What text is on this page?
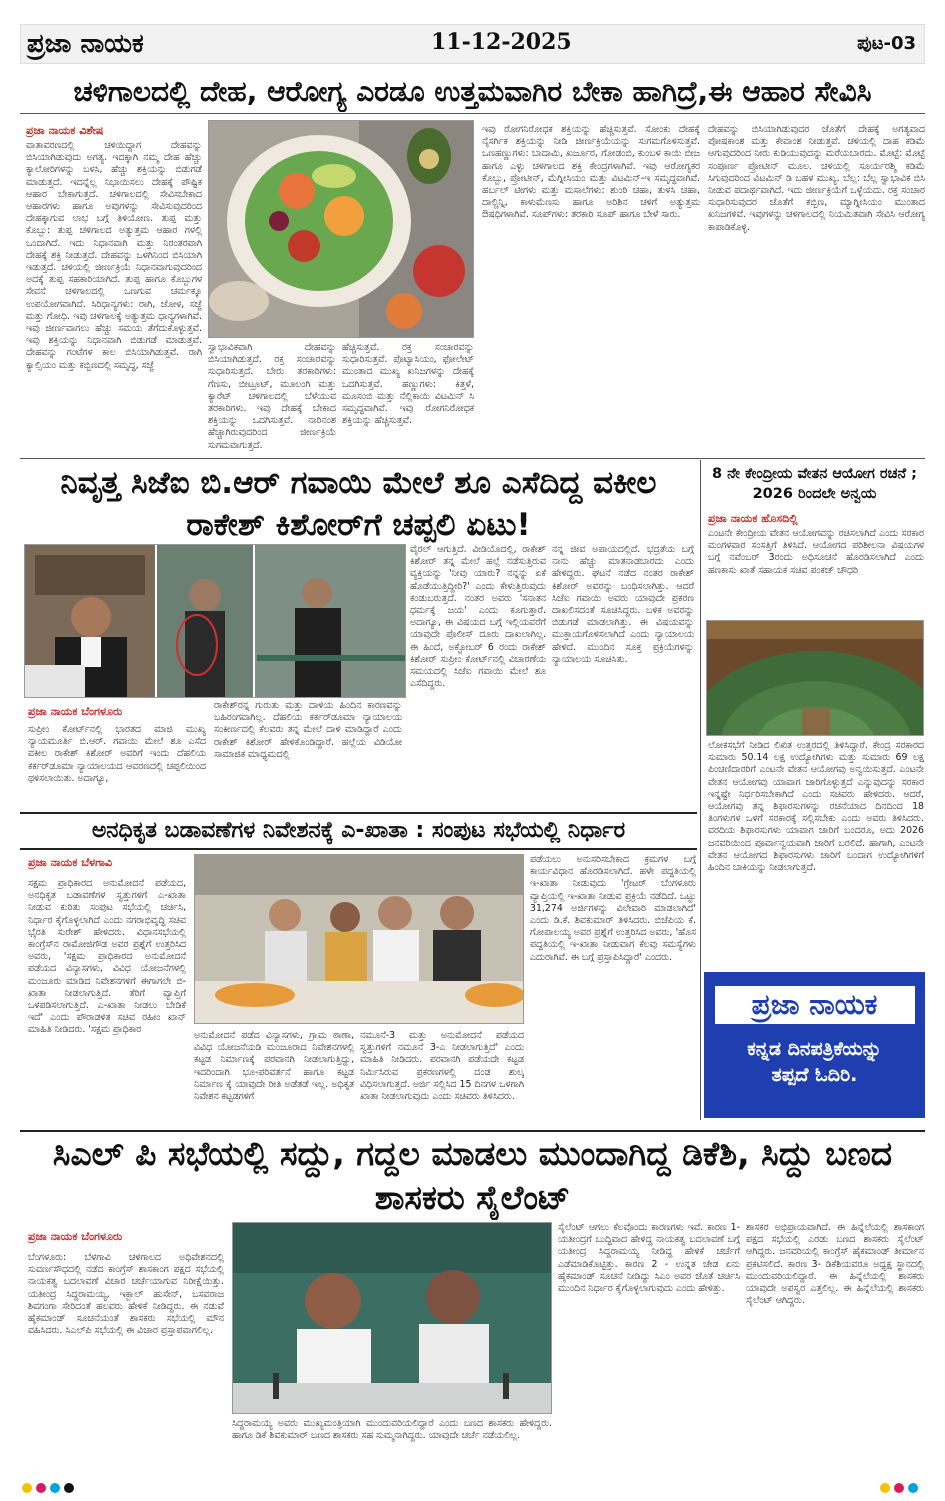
ಪ್ರಜಾ ನಾಯಕ	11-12-2025	ಪುಟ-03
ಚಳಿಗಾಲದಲ್ಲಿ ದೇಹ, ಆರೋಗ್ಯ ಎರಡೂ ಉತ್ತಮವಾಗಿರ ಬೇಕಾ ಹಾಗಿದ್ರೆ,ಈ ಆಹಾರ ಸೇವಿಸಿ
ಪ್ರಜಾ ನಾಯಕ ವಿಶೇಷ
ವಾತಾವರಣದಲ್ಲಿ ಚಳಿಯಿದ್ದಾಗ ದೇಹವನ್ನು ಬಿಸಿಯಾಗಿಡುವುದು ಅಗತ್ಯ. ಇದಕ್ಕಾಗಿ ನಮ್ಮ ದೇಹ ಹೆಚ್ಚು ಕ್ಯಾಲೋರಿಗಳನ್ನು ಬಳಸಿ, ಹೆಚ್ಚು ಶಕ್ತಿಯನ್ನು ಬಿಡುಗಡೆ ಮಾಡುತ್ತದೆ. ಇದನ್ನೆಲ್ಲ ನಿಭಾಯಿಸಲು ದೇಹಕ್ಕೆ ಪೌಷ್ಟಿಕ ಆಹಾರ ಬೇಕಾಗುತ್ತದೆ. ಚಳಿಗಾಲದಲ್ಲಿ ಸೇವಿಸಬೇಕಾದ ಆಹಾರಗಳು ಹಾಗೂ ಅವುಗಳನ್ನು ಸೇವಿಸುವುದರಿಂದ ದೇಹಕ್ಕಾಗುವ ಲಾಭ ಬಗ್ಗೆ ತಿಳಿಯೋಣ. ತುಪ್ಪ ಮತ್ತು ಕೊಬ್ಬು: ತುಪ್ಪ ಚಳಿಗಾಲದ ಅತ್ಯುತ್ತಮ ಆಹಾರ ಗಳಲ್ಲಿ ಒಂದಾಗಿದೆ. ಇದು ನಿಧಾನವಾಗಿ ಮತ್ತು ನಿರಂತರವಾಗಿ ದೇಹಕ್ಕೆ ಶಕ್ತಿ ನೀಡುತ್ತದೆ. ದೇಹವನ್ನು ಒಳಗಿನಿಂದ ಬಿಸಿಯಾಗಿ ಇಡುತ್ತದೆ. ಚಳಿಯಲ್ಲಿ ಜೀರ್ಣಕ್ರಿಯೆ ನಿಧಾನವಾಗುವುದರಿಂದ ಅದಕ್ಕೆ ತುಪ್ಪ ಸಹಕಾರಿಯಾಗಿದೆ. ತುಪ್ಪ ಹಾಗೂ ಕೊಬ್ಬುಗಳ ಸೇವನೆ ಚಳಿಗಾಲದಲ್ಲಿ ಒಣಗುವ ಚರ್ಮಕ್ಕೂ ಉಪಯೋಗವಾಗಿದೆ. ಸಿರಿಧಾನ್ಯಗಳು: ರಾಗಿ, ಜೋಳ, ಸಜ್ಜೆ ಮತ್ತು ಗೋಧಿ. ಇವು ಚಳಿಗಾಲಕ್ಕೆ ಅತ್ಯುತ್ತಮ ಧಾನ್ಯಗಳಾಗಿವೆ. ಇವು ಜೀರ್ಣವಾಗಲು ಹೆಚ್ಚು ಸಮಯ ತೆಗೆದುಕೊಳ್ಳುತ್ತವೆ. ಇವು ಶಕ್ತಿಯನ್ನು ನಿಧಾನವಾಗಿ ಬಿಡುಗಡೆ ಮಾಡುತ್ತವೆ. ದೇಹವನ್ನು ಗಂಟೆಗಳ ಕಾಲ ಬಿಸಿಯಾಗಿಡುತ್ತವೆ. ರಾಗಿ ಕ್ಯಾಲ್ಸಿಯಂ ಮತ್ತು ಕಬ್ಬಿಣದಲ್ಲಿ ಸಮೃದ್ಧ, ಸಜ್ಜೆ
ಸ್ವಾಭಾವಿಕವಾಗಿ ದೇಹವನ್ನು ಬಿಸಿಯಾಗಿಡುತ್ತದೆ. ರಕ್ತ ಸಂಚಾರವನ್ನು ಸುಧಾರಿಸುತ್ತದೆ. ಬೇರು ತರಕಾರಿಗಳು: ಗೆಣಸು, ಬೀಟ್ರೂಟ್, ಮೂಲಂಗಿ ಮತ್ತು ಕ್ಯಾರೆಟ್ ಚಳಿಗಾಲದಲ್ಲಿ ಬೆಳೆಯುವ ತರಕಾರಿಗಳು. ಇವು ದೇಹಕ್ಕೆ ಬೇಕಾದ ಶಕ್ತಿಯನ್ನು ಒದಗಿಸುತ್ತವೆ. ನಾರಿನಂಶ ಹೆಚ್ಚಾಗಿರುವುದರಿಂದ ಜೀರ್ಣಕ್ರಿಯೆ ಸುಗಮವಾಗುತ್ತದೆ.
ಹೆಚ್ಚಿಸುತ್ತವೆ. ರಕ್ತ ಸಂಚಾರವನ್ನು ಸುಧಾರಿಸುತ್ತವೆ. ಪೊಟ್ಯಾಸಿಯಂ, ಫೋಲೇಟ್ ಮುಂತಾದ ಮುಖ್ಯ ಖನಿಜಗಳನ್ನು ದೇಹಕ್ಕೆ ಒದಗಿಸುತ್ತವೆ. ಹಣ್ಣುಗಳು: ಕಿತ್ತಳೆ, ಮೂಸಂಬಿ ಮತ್ತು ನೆಲ್ಲಿಕಾಯಿ ವಿಟಮಿನ್ ಸಿ ಸಮೃದ್ಧವಾಗಿವೆ. ಇವು ರೋಗನಿರೋಧಕ ಶಕ್ತಿಯನ್ನು ಹೆಚ್ಚಿಸುತ್ತವೆ.
ಇವು ರೋಗನಿರೋಧಕ ಶಕ್ತಿಯನ್ನು ಹೆಚ್ಚಿಸುತ್ತವೆ. ಸೋಂಕು ದೇಹಕ್ಕೆ ನೈಸರ್ಗಿಕ ಶಕ್ತಿಯನ್ನು ನೀಡಿ ಜೀರ್ಣಕ್ರಿಯೆಯನ್ನು ಸುಗಮಗೊಳಿಸುತ್ತವೆ. ಒಣಹಣ್ಣುಗಳು: ಬಾದಾಮಿ, ಖರ್ಜೂರ, ಗೋಡಂಬಿ, ಕುಂಬಳ ಕಾಯಿ ಬೀಜ ಹಾಗೂ ಎಳ್ಳು ಚಳಿಗಾಲದ ಶಕ್ತಿ ಕೇಂದ್ರಗಳಾಗಿವೆ. ಇವು ಆರೋಗ್ಯಕರ ಕೊಬ್ಬು, ಪ್ರೋಟೀನ್, ಮೆಗ್ನೀಸಿಯಂ ಮತ್ತು ವಿಟಮಿನ್-ಇ ಸಮೃದ್ಧವಾಗಿವೆ. ಹರ್ಬಲ್ ಟೀಗಳು ಮತ್ತು ಮಸಾಲೆಗಳು: ಶುಂಠಿ ಚಹಾ, ತುಳಸಿ ಚಹಾ, ದಾಲ್ಚಿನ್ನಿ, ಕಾಳುಮೆಣಸು ಹಾಗೂ ಅರಿಶಿನ ಚಳಿಗೆ ಅತ್ಯುತ್ತಮ ಔಷಧಿಗಳಾಗಿವೆ. ಸೂಪ್‌ಗಳು: ತರಕಾರಿ ಸೂಪ್ ಹಾಗೂ ಬೇಳೆ ಸಾರು.
ದೇಹವನ್ನು ಬಿಸಿಯಾಗಿಡುವುದರ ಜೊತೆಗೆ ದೇಹಕ್ಕೆ ಅಗತ್ಯವಾದ ಪೋಷಕಾಂಶ ಮತ್ತು ಕೇವಾಂಶ ನೀಡುತ್ತವೆ. ಚಳಿಯಲ್ಲಿ ದಾಹ ಕಡಿಮೆ ಆಗುವುದರಿಂದ ನೀರು ಕುಡಿಯುವುದನ್ನು ಮರೆಯಬಾರದು. ಮೊಟ್ಟೆ: ಮೊಟ್ಟೆ ಸಂಪೂರ್ಣ ಪ್ರೋಟೀನ್ ಮೂಲ. ಚಳಿಯಲ್ಲಿ ಸೂರ್ಯರಶ್ಮಿ ಕಡಿಮೆ ಸಿಗುವುದರಿಂದ ವಿಟಮಿನ್ ಡಿ ಬಹಳ ಮುಖ್ಯ. ಬೆಲ್ಲ: ಬೆಲ್ಲ ಸ್ವಾಭಾವಿಕ ಬಿಸಿ ನೀಡುವ ಪದಾರ್ಥವಾಗಿದೆ. ಇದು ಜೀರ್ಣಕ್ರಿಯೆಗೆ ಒಳ್ಳೆಯದು. ರಕ್ತ ಸಂಚಾರ ಸುಧಾರಿಸುವುದರ ಜೊತೆಗೆ ಕಬ್ಬಿಣ, ಮ್ಯಾಗ್ನೀಸಿಯಂ ಮುಂತಾದ ಖನಿಜಗಳಿವೆ. ಇವುಗಳನ್ನು ಚಳಿಗಾಲದಲ್ಲಿ ನಿಯಮಿತವಾಗಿ ಸೇವಿಸಿ ಆರೋಗ್ಯ ಕಾಪಾಡಿಕೊಳ್ಳಿ.
ನಿವೃತ್ತ ಸಿಜೆಐ ಬಿ.ಆರ್ ಗವಾಯಿ ಮೇಲೆ ಶೂ ಎಸೆದಿದ್ದ ವಕೀಲ ರಾಕೇಶ್ ಕಿಶೋರ್‌ಗೆ ಚಪ್ಪಲಿ ಏಟು!
ಪ್ರಜಾ ನಾಯಕ ಬೆಂಗಳೂರು
ಸುಪ್ರೀಂ ಕೋರ್ಟ್‌ನಲ್ಲಿ ಭಾರತದ ಮಾಜಿ ಮುಖ್ಯ ನ್ಯಾಯಮೂರ್ತಿ ಬಿ.ಆರ್. ಗವಾಯಿ ಮೇಲೆ ಶೂ ಎಸೆದ ವಕೀಲ ರಾಕೇಶ್ ಕಿಶೋರ್ ಅವರಿಗೆ ಇಂದು ದೆಹಲಿಯ ಕರ್ಕರ್‌ಡೂಮಾ ನ್ಯಾಯಾಲಯದ ಆವರಣದಲ್ಲಿ ಚಪ್ಪಲಿಯಿಂದ ಥಳಿಸಲಾಯಿತು. ಅದಾಗ್ಯೂ,
ರಾಕೇಶ್‌ರನ್ನ ಗುರುತು ಮತ್ತು ದಾಳಿಯ ಹಿಂದಿನ ಕಾರಣವನ್ನು ಬಹಿರಂಗವಾಗಿಲ್ಲ. ದೆಹಲಿಯ ಕರ್ಕರ್‌ಡೂಮಾ ನ್ಯಾಯಾಲಯ ಸಂಕೀರ್ಣದಲ್ಲಿ ಕೆಲವರು ತನ್ನ ಮೇಲೆ ದಾಳಿ ಮಾಡಿದ್ದಾರೆ ಎಂದು ರಾಕೇಶ್ ಕಿಶೋರ್ ಹೇಳಿಕೊಂಡಿದ್ದಾರೆ. ಹಲ್ಲೆಯ ವಿಡಿಯೋ ಸಾಮಾಜಿಕ ಮಾಧ್ಯಮದಲ್ಲಿ
ವೈರಲ್ ಆಗುತ್ತಿದೆ. ವೀಡಿಯೊದಲ್ಲಿ, ರಾಕೇಶ್ ಕಿಶೋರ್ ತನ್ನ ಮೇಲೆ ಹಲ್ಲೆ ನಡೆಸುತ್ತಿರುವ ವ್ಯಕ್ತಿಯನ್ನು 'ನೀವು ಯಾರು? ನನ್ನನ್ನು ಏಕೆ ಹೊಡೆಯುತ್ತಿದ್ದೀರಿ?' ಎಂದು ಕೇಳುತ್ತಿರುವುದು ಕಂಡುಬರುತ್ತದೆ. ನಂತರ ಅವರು 'ಸನಾತನ ಧರ್ಮಕ್ಕೆ ಜಯ' ಎಂದು ಕೂಗುತ್ತಾರೆ. ಅದಾಗ್ಯೂ, ಈ ವಿಷಯದ ಬಗ್ಗೆ ಇಲ್ಲಿಯವರೆಗೆ ಯಾವುದೇ ಪೊಲೀಸ್ ದೂರು ದಾಖಲಾಗಿಲ್ಲ. ಈ ಹಿಂದೆ, ಅಕ್ಟೋಬರ್ 6 ರಂದು ರಾಕೇಶ್ ಕಿಶೋರ್ ಸುಪ್ರೀಂ ಕೋರ್ಟ್‌ನಲ್ಲಿ ವಿಚಾರಣೆಯ ಸಮಯದಲ್ಲಿ ಸಿಜೆಐ ಗವಾಯಿ ಮೇಲೆ ಶೂ ಎಸೆದಿದ್ದರು.
ನನ್ನ ಜೀವ ಅಪಾಯದಲ್ಲಿದೆ. ಭದ್ರತೆಯ ಬಗ್ಗೆ ನಾನು ಹೆಚ್ಚು ಮಾತನಾಡಬಾರದು ಎಂದು ಹೇಳಿದ್ದರು. ಘಟನೆ ನಡೆದ ನಂತರ ರಾಕೇಶ್ ಕಿಶೋರ್ ಅವರನ್ನು ಬಂಧಿಸಲಾಗಿತ್ತು. ಆದರೆ ಸಿಜೆಐ ಗವಾಯಿ ಅವರು ಯಾವುದೇ ಪ್ರಕರಣ ದಾಖಲಿಸದಂತೆ ಸೂಚಿಸಿದ್ದರು. ಬಳಿಕ ಅವರನ್ನು ಬಿಡುಗಡೆ ಮಾಡಲಾಗಿತ್ತು. ಈ ವಿಷಯವನ್ನು ಮುಕ್ತಾಯಗೊಳಿಸಲಾಗಿದೆ ಎಂದು ನ್ಯಾಯಾಲಯ ಹೇಳಿದೆ. ಮುಂದಿನ ಸೂಕ್ತ ಪ್ರಕ್ರಿಯೆಗಳನ್ನು ನ್ಯಾಯಾಲಯ ಸೂಚಿಸಿತು.
8 ನೇ ಕೇಂದ್ರೀಯ ವೇತನ ಆಯೋಗ ರಚನೆ ; 2026 ರಿಂದಲೇ ಅನ್ವಯ
ಪ್ರಜಾ ನಾಯಕ ಹೊಸದಿಲ್ಲಿ
ಎಂಟನೇ ಕೇಂದ್ರೀಯ ವೇತನ ಆಯೋಗವನ್ನು ರಚಿಸಲಾಗಿದೆ ಎಂದು ಸರಕಾರ ಮಂಗಳವಾರ ಸಂಸತ್ತಿಗೆ ತಿಳಿಸಿದೆ. ಆಯೋಗದ ಪರಿಶೀಲನಾ ವಿಷಯಗಳ ಬಗ್ಗೆ ನವೆಂಬರ್ 3ರಂದು ಅಧಿಸೂಚನೆ ಹೊರಡಿಸಲಾಗಿದೆ ಎಂದು ಹಣಕಾಸು ಖಾತೆ ಸಹಾಯಕ ಸಚಿವ ಪಂಕಜ್ ಚೌಧರಿ
ಲೋಕಸಭೆಗೆ ನೀಡಿದ ಲಿಖಿತ ಉತ್ತರದಲ್ಲಿ ತಿಳಿಸಿದ್ದಾರೆ. ಕೇಂದ್ರ ಸರಕಾರದ ಸುಮಾರು 50.14 ಲಕ್ಷ ಉದ್ಯೋಗಿಗಳು ಮತ್ತು ಸುಮಾರು 69 ಲಕ್ಷ ಪಿಂಚಣಿದಾರರಿಗೆ ಎಂಟನೇ ವೇತನ ಆಯೋಗವು ಅನ್ವಯಿಸುತ್ತದೆ. ಎಂಟನೇ ವೇತನ ಆಯೋಗವು ಯಾವಾಗ ಜಾರಿಗೊಳ್ಳುತ್ತದೆ ಎನ್ನುವುದನ್ನು ಸರಕಾರ ಇನ್ನಷ್ಟೇ ನಿರ್ಧರಿಸಬೇಕಾಗಿದೆ ಎಂದು ಸಚಿವರು ಹೇಳಿದರು. ಆದರೆ, ಆಯೋಗವು ತನ್ನ ಶಿಫಾರಸುಗಳನ್ನು ರಚನೆಯಾದ ದಿನದಿಂದ 18 ತಿಂಗಳುಗಳ ಒಳಗೆ ಸರಕಾರಕ್ಕೆ ಸಲ್ಲಿಸಬೇಕು ಎಂದು ಅವರು ತಿಳಿಸಿದರು. ವರದಿಯ ಶಿಫಾರಸುಗಳು ಯಾವಾಗ ಜಾರಿಗೆ ಬಂದರೂ, ಅದು 2026 ಜನವರಿಯಿಂದ ಪೂರ್ವಾನ್ವಯವಾಗಿ ಜಾರಿಗೆ ಬರಲಿದೆ. ಹಾಗಾಗಿ, ಎಂಟನೇ ವೇತನ ಆಯೋಗದ ಶಿಫಾರಸುಗಳು ಜಾರಿಗೆ ಬಂದಾಗ ಉದ್ಯೋಗಿಗಳಿಗೆ ಹಿಂದಿನ ಬಾಕಿಯನ್ನು ನೀಡಲಾಗುತ್ತದೆ.
ಪ್ರಜಾ ನಾಯಕ
ಕನ್ನಡ ದಿನಪತ್ರಿಕೆಯನ್ನು
ತಪ್ಪದೆ ಓದಿರಿ.
ಅನಧಿಕೃತ ಬಡಾವಣೆಗಳ ನಿವೇಶನಕ್ಕೆ ಎ-ಖಾತಾ : ಸಂಪುಟ ಸಭೆಯಲ್ಲಿ ನಿರ್ಧಾರ
ಪ್ರಜಾ ನಾಯಕ ಬೆಳಗಾವಿ
ಸಕ್ಷಮ ಪ್ರಾಧಿಕಾರದ ಅನುಮೋದನೆ ಪಡೆಯದ, ಅನಧಿಕೃತ ಬಡಾವಣೆಗಳ ಸ್ವತ್ತುಗಳಿಗೆ ಎ-ಖಾತಾ ನೀಡುವ ಕುರಿತು ಸಂಪುಟ ಸಭೆಯಲ್ಲಿ ಚರ್ಚಿಸಿ, ನಿರ್ಧಾರ ಕೈಗೊಳ್ಳಲಾಗಿದೆ ಎಂದು ನಗರಾಭಿವೃದ್ಧಿ ಸಚಿವ ಭೈರತಿ ಸುರೇಶ್ ಹೇಳಿದರು. ವಿಧಾನಸಭೆಯಲ್ಲಿ ಕಾಂಗ್ರೆಸ್‌ನ ರಾಮೋಜಿಗೌಡ ಅವರ ಪ್ರಶ್ನೆಗೆ ಉತ್ತರಿಸಿದ ಅವರು, 'ಸಕ್ಷಮ ಪ್ರಾಧಿಕಾರದ ಅನುಮೋದನೆ ಪಡೆಯದ ವಿನ್ಯಾಸಗಳು, ವಿವಿಧ ಯೋಜನೆಗಳಲ್ಲಿ ಮಂಜೂರು ಮಾಡಿದ ನಿವೇಶನಗಳಿಗೆ ಈಗಾಗಲೇ ಬಿ-ಖಾತಾ ನೀಡಲಾಗುತ್ತಿದೆ. ತೆರಿಗೆ ವ್ಯಾಪ್ತಿಗೆ ಒಳಪಡಿಸಲಾಗುತ್ತಿದೆ. ಎ-ಖಾತಾ ನೀಡಲು ಬೇಡಿಕೆ ಇದೆ' ಎಂದು ಪೌರಾಡಳಿತ ಸಚಿವ ರಹೀಂ ಖಾನ್ ಮಾಹಿತಿ ನೀಡಿದರು. 'ಸಕ್ಷಮ ಪ್ರಾಧಿಕಾರ
ಅನುಮೋದನೆ ಪಡೆದ ವಿನ್ಯಾಸಗಳು, ಗ್ರಾಮ ಠಾಣಾ, ವಿವಿಧ ಯೋಜನೆಯಡಿ ಮಂಜೂರಾದ ನಿವೇಶನಗಳಲ್ಲಿ ಕಟ್ಟಡ ನಿರ್ಮಾಣಕ್ಕೆ ಪರವಾನಗಿ ನೀಡಲಾಗುತ್ತಿದ್ದು, ಇದರಿಂದಾಗಿ ಭೂ-ಪರಿವರ್ತನೆ ಹಾಗೂ ಕಟ್ಟಡ ನಿರ್ಮಾಣ ಕ್ಕೆ ಯಾವುದೇ ರೀತಿ ಅಡೆತಡೆ ಇಲ್ಲ. ಅಧಿಕೃತ ನಿವೇಶನ ಕಟ್ಟಡಗಳಿಗೆ
ನಮೂನೆ-3 ಮತ್ತು ಅನುಮೋದನೆ ಪಡೆಯದ ಸ್ವತ್ತುಗಳಿಗೆ ನಮೂನೆ 3-ಎ ನೀಡಲಾಗುತ್ತಿದೆ' ಎಂದು ಮಾಹಿತಿ ನೀಡಿದರು. ಪರವಾನಗಿ ಪಡೆಯದೇ ಕಟ್ಟಡ ನಿರ್ಮಿಸಿರುವ ಪ್ರಕರಣಗಳಲ್ಲಿ ದಂಡ ಶುಲ್ಕ ವಿಧಿಸಲಾಗುತ್ತದೆ. ಅರ್ಜಿ ಸಲ್ಲಿಸಿದ 15 ದಿನಗಳ ಒಳಗಾಗಿ ಖಾತಾ ನೀಡಲಾಗುವುದು ಎಂದು ಸಚಿವರು ತಿಳಿಸಿದರು.
ಪಡೆಯಲು ಅನುಸರಿಸಬೇಕಾದ ಕ್ರಮಗಳ ಬಗ್ಗೆ ಕಾರ್ಯವಿಧಾನ ಹೊರಡಿಸಲಾಗಿದೆ. ಹಳೇ ಪದ್ಧತಿಯಲ್ಲಿ ಇ-ಖಾತಾ ನೀಡುವುದು 'ಗ್ರೇಟರ್ ಬೆಂಗಳೂರು ವ್ಯಾಪ್ತಿಯಲ್ಲಿ ಇ-ಖಾತಾ ನೀಡುವ ಪ್ರಕ್ರಿಯೆ ನಡೆದಿದೆ. ಒಟ್ಟು 31,274 ಅರ್ಜಿಗಳನ್ನು ವಿಲೇವಾರಿ ಮಾಡಲಾಗಿದೆ' ಎಂದು ಡಿ.ಕೆ. ಶಿವಕುಮಾರ್ ತಿಳಿಸಿದರು. ಬಿಜೆಪಿಯ ಕೆ. ಗೋಪಾಲಯ್ಯ ಅವರ ಪ್ರಶ್ನೆಗೆ ಉತ್ತರಿಸಿದ ಅವರು, 'ಹೊಸ ಪದ್ಧತಿಯಲ್ಲಿ ಇ-ಖಾತಾ ನೀಡುವಾಗ ಕೆಲವು ಸಮಸ್ಯೆಗಳು ಎದುರಾಗಿವೆ. ಈ ಬಗ್ಗೆ ಪ್ರಸ್ತಾಪಿಸಿದ್ದಾರೆ' ಎಂದರು.
ಸಿಎಲ್ ಪಿ ಸಭೆಯಲ್ಲಿ ಸದ್ದು, ಗದ್ದಲ ಮಾಡಲು ಮುಂದಾಗಿದ್ದ ಡಿಕೆಶಿ, ಸಿದ್ದು ಬಣದ ಶಾಸಕರು ಸೈಲೆಂಟ್
ಪ್ರಜಾ ನಾಯಕ ಬೆಂಗಳೂರು
ಬೆಂಗಳೂರು: ಬೆಳಗಾವಿ ಚಳಿಗಾಲದ ಅಧಿವೇಶನದಲ್ಲಿ ಸುವರ್ಣಸೌಧದಲ್ಲಿ ನಡೆದ ಕಾಂಗ್ರೆಸ್ ಶಾಸಕಾಂಗ ಪಕ್ಷದ ಸಭೆಯಲ್ಲಿ ನಾಯಕತ್ವ ಬದಲಾವಣೆ ವಿಚಾರ ಚರ್ಚೆಯಾಗುವ ನಿರೀಕ್ಷೆಯಿತ್ತು. ಯತೀಂದ್ರ ಸಿದ್ದರಾಮಯ್ಯ, ಇಕ್ಬಾಲ್ ಹುಸೇನ್, ಬಸವರಾಜ ಶಿವಗಂಗಾ ಸೇರಿದಂತೆ ಹಲವರು ಹೇಳಿಕೆ ನೀಡಿದ್ದರು. ಈ ನಡುವೆ ಹೈಕಮಾಂಡ್ ಸೂಚನೆಯಂತೆ ಶಾಸಕರು ಸಭೆಯಲ್ಲಿ ಮೌನ ವಹಿಸಿದರು. ಸಿಎಲ್‌ಪಿ ಸಭೆಯಲ್ಲಿ ಈ ವಿಚಾರ ಪ್ರಸ್ತಾಪವಾಗಲಿಲ್ಲ.
ಸಿದ್ದರಾಮಯ್ಯ ಅವರು ಮುಖ್ಯಮಂತ್ರಿಯಾಗಿ ಮುಂದುವರಿಯಲಿದ್ದಾರೆ ಎಂದು ಬಣದ ಶಾಸಕರು ಹೇಳಿದ್ದರು. ಹಾಗೂ ಡಿಕೆ ಶಿವಕುಮಾರ್ ಬಣದ ಶಾಸಕರು ಸಹ ಸುಮ್ಮನಾಗಿದ್ದರು. ಯಾವುದೇ ಚರ್ಚೆ ನಡೆಯಲಿಲ್ಲ.
ಸೈಲೆಂಟ್ ಆಗಲು ಕೆಲವೊಂದು ಕಾರಣಗಳು ಇವೆ. ಕಾರಣ 1- ಯತೀಂದ್ರಗೆ ಬುದ್ಧಿವಾದ ಹೇಳಿದ್ದ ನಾಯಕತ್ವ ಬದಲಾವಣೆ ಬಗ್ಗೆ ಯತೀಂದ್ರ ಸಿದ್ದರಾಮಯ್ಯ ನೀಡಿದ್ದ ಹೇಳಿಕೆ ಚರ್ಚೆಗೆ ಎಡೆಮಾಡಿಕೊಟ್ಟಿತ್ತು. ಕಾರಣ 2 - ಉನ್ನತ ಜೇಡ ಏನು ಹೈಕಮಾಂಡ್ ಸೂಚನೆ ನೀಡಿದ್ದು ಸಿಎಂ ಅವರ ಜೊತೆ ಚರ್ಚಿಸಿ ಮುಂದಿನ ನಿರ್ಧಾರ ಕೈಗೊಳ್ಳಲಾಗುವುದು ಎಂದು ಹೇಳಿತ್ತು.
ಶಾಸಕರ ಅಭಿಪ್ರಾಯವಾಗಿದೆ. ಈ ಹಿನ್ನೆಲೆಯಲ್ಲಿ ಶಾಸಕಾಂಗ ಪಕ್ಷದ ಸಭೆಯಲ್ಲಿ ಎರಡು ಬಣದ ಶಾಸಕರು ಸೈಲೆಂಟ್ ಆಗಿದ್ದರು. ಜನವರಿಯಲ್ಲಿ ಕಾಂಗ್ರೆಸ್ ಹೈಕಮಾಂಡ್ ತೀರ್ಮಾನ ಪ್ರಕಟಿಸಲಿದೆ. ಕಾರಣ 3- ಡಿಕೆಶಿಯವರೂ ಅಧ್ಯಕ್ಷ ಸ್ಥಾನದಲ್ಲಿ ಮುಂದುವರಿಯಲಿದ್ದಾರೆ. ಈ ಹಿನ್ನೆಲೆಯಲ್ಲಿ ಶಾಸಕರು ಯಾವುದೇ ಅಪಸ್ವರ ಎತ್ತಲಿಲ್ಲ. ಈ ಹಿನ್ನೆಲೆಯಲ್ಲಿ ಶಾಸಕರು ಸೈಲೆಂಟ್ ಆಗಿದ್ದರು.
